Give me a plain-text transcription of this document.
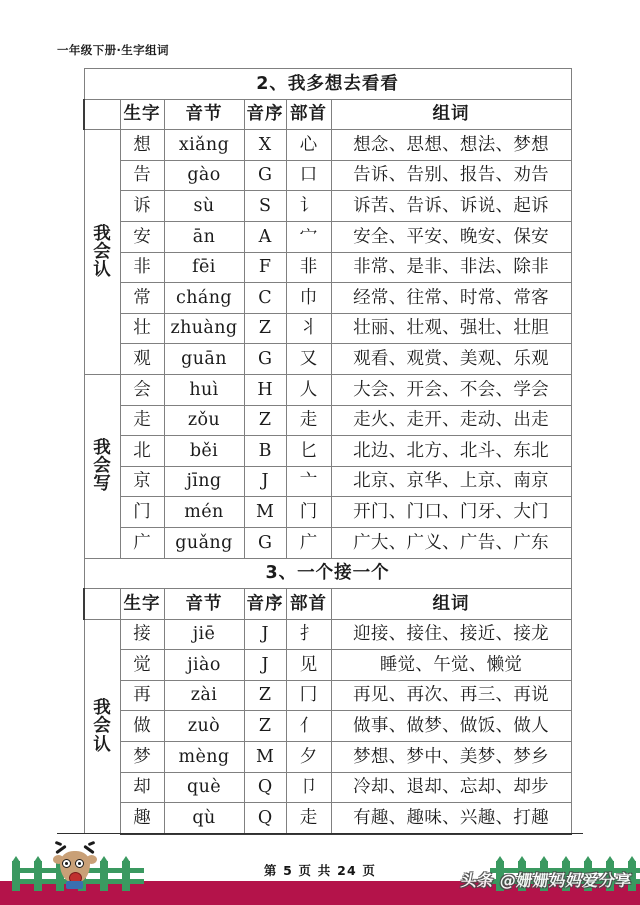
一年级下册·生字组词
2、我多想去看看					
	生字	音节	音序	部首	组词

我
会
认	想	xiǎng	X	心	想念、思想、想法、梦想
	告	gào	G	口	告诉、告别、报告、劝告
	诉	sù	S	讠	诉苦、告诉、诉说、起诉
	安	ān	A	宀	安全、平安、晚安、保安
	非	fēi	F	非	非常、是非、非法、除非
	常	cháng	C	巾	经常、往常、时常、常客
	壮	zhuàng	Z	丬	壮丽、壮观、强壮、壮胆
	观	guān	G	又	观看、观赏、美观、乐观

我
会
写	会	huì	H	人	大会、开会、不会、学会
	走	zǒu	Z	走	走火、走开、走动、出走
	北	běi	B	匕	北边、北方、北斗、东北
	京	jīng	J	亠	北京、京华、上京、南京
	门	mén	M	门	开门、门口、门牙、大门
	广	guǎng	G	广	广大、广义、广告、广东
3、一个接一个					
	生字	音节	音序	部首	组词

我
会
认	接	jiē	J	扌	迎接、接住、接近、接龙
	觉	jiào	J	见	睡觉、午觉、懒觉
	再	zài	Z	冂	再见、再次、再三、再说
	做	zuò	Z	亻	做事、做梦、做饭、做人
	梦	mèng	M	夕	梦想、梦中、美梦、梦乡
	却	què	Q	卩	冷却、退却、忘却、却步
	趣	qù	Q	走	有趣、趣味、兴趣、打趣
第 5 页 共 24 页
头条 @姗姗妈妈爱分享
